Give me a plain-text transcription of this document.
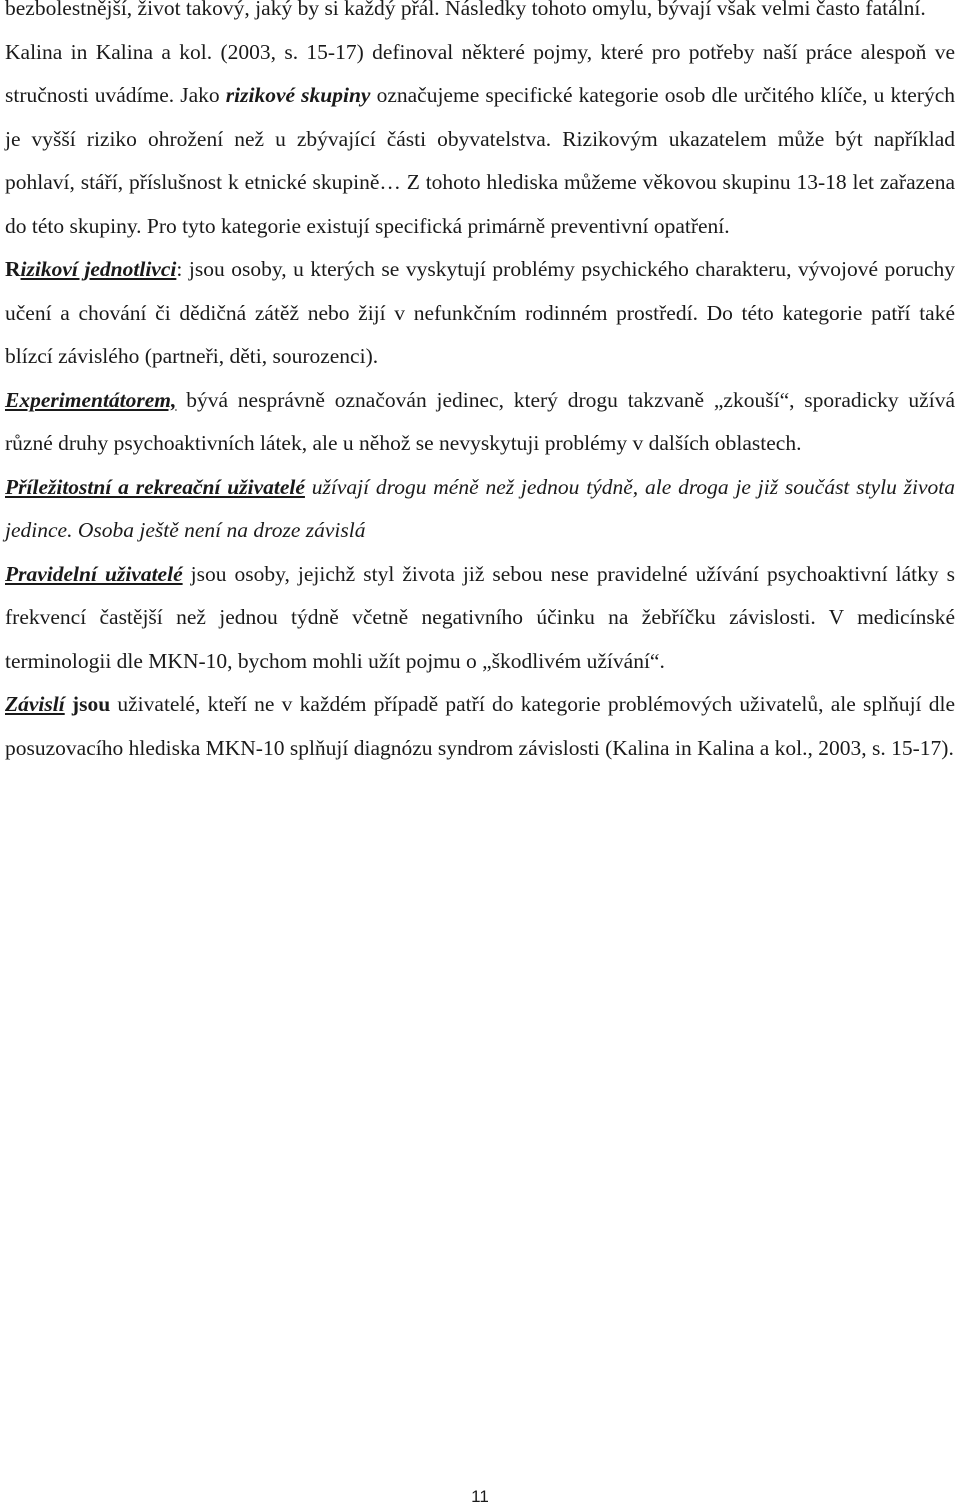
bezbolestnější, život takový, jaký by si každý přál. Následky tohoto omylu, bývají však velmi často fatální.

Kalina in Kalina a kol. (2003, s. 15-17) definoval některé pojmy, které pro potřeby naší práce alespoň ve stručnosti uvádíme. Jako rizikové skupiny označujeme specifické kategorie osob dle určitého klíče, u kterých je vyšší riziko ohrožení než u zbývající části obyvatelstva. Rizikovým ukazatelem může být například pohlaví, stáří, příslušnost k etnické skupině… Z tohoto hlediska můžeme věkovou skupinu 13-18 let zařazena do této skupiny. Pro tyto kategorie existují specifická primárně preventivní opatření.

Rizikoví jednotlivci: jsou osoby, u kterých se vyskytují problémy psychického charakteru, vývojové poruchy učení a chování či dědičná zátěž nebo žijí v nefunkčním rodinném prostředí. Do této kategorie patří také blízcí závislého (partneři, děti, sourozenci).

Experimentátorem, bývá nesprávně označován jedinec, který drogu takzvaně „zkouší“, sporadicky užívá různé druhy psychoaktivních látek, ale u něhož se nevyskytuji problémy v dalších oblastech.

Příležitostní a rekreační uživatelé užívají drogu méně než jednou týdně, ale droga je již součást stylu života jedince. Osoba ještě není na droze závislá

Pravidelní uživatelé jsou osoby, jejichž styl života již sebou nese pravidelné užívání psychoaktivní látky s frekvencí častější než jednou týdně včetně negativního účinku na žebříčku závislosti. V medicínské terminologii dle MKN-10, bychom mohli užít pojmu o „škodlivém užívání“.

Závislí jsou uživatelé, kteří ne v každém případě patří do kategorie problémových uživatelů, ale splňují dle posuzovacího hlediska MKN-10 splňují diagnózu syndrom závislosti (Kalina in Kalina a kol., 2003, s. 15-17).

11
